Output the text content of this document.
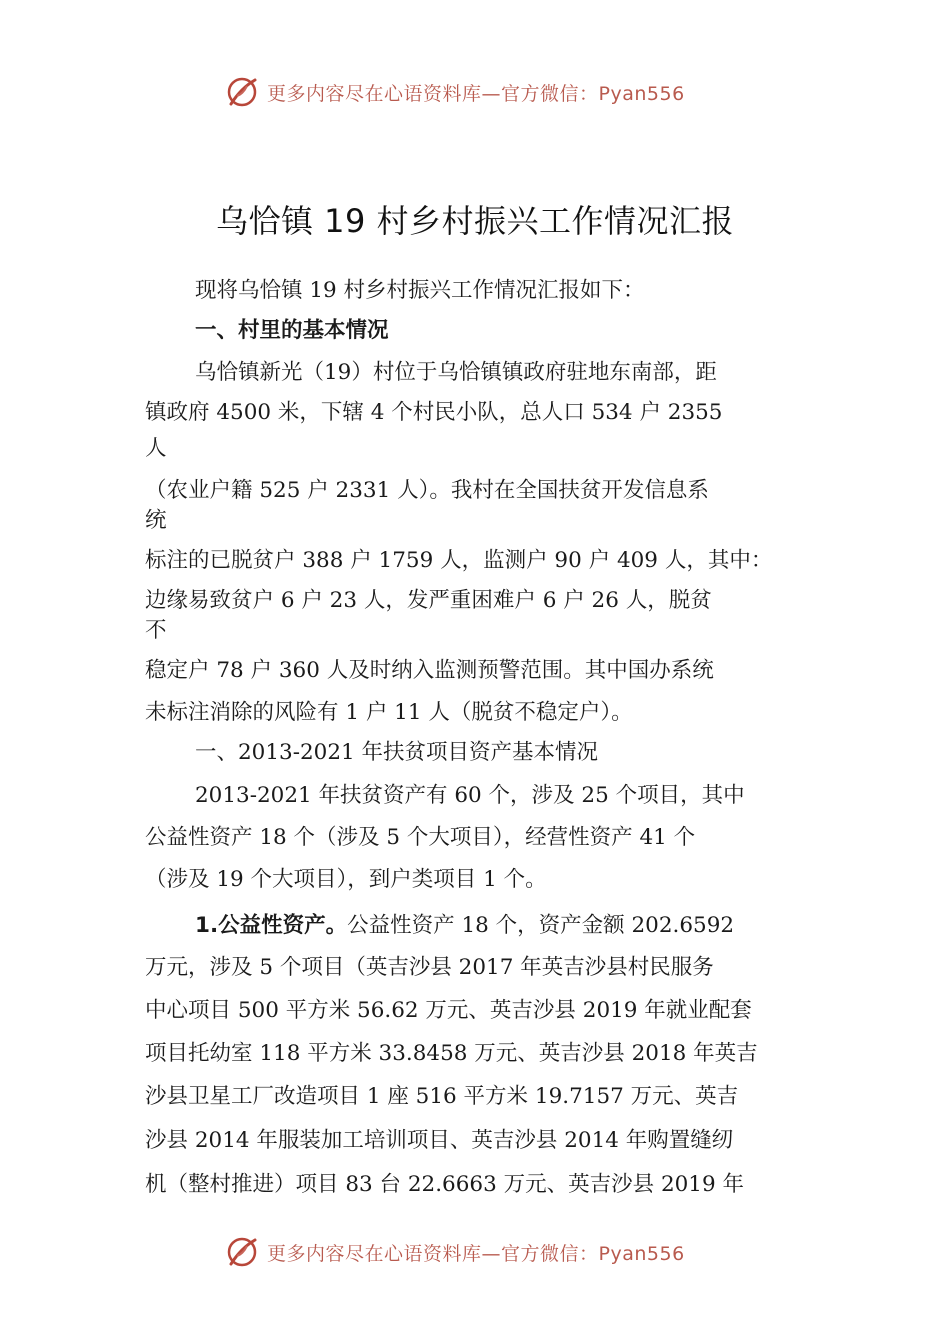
更多内容尽在心语资料库—官方微信：Pyan556
乌恰镇 19 村乡村振兴工作情况汇报
现将乌恰镇 19 村乡村振兴工作情况汇报如下：
一、村里的基本情况
乌恰镇新光（19）村位于乌恰镇镇政府驻地东南部，距
镇政府 4500 米，下辖 4 个村民小队，总人口 534 户 2355
人
（农业户籍 525 户 2331 人）。我村在全国扶贫开发信息系
统
标注的已脱贫户 388 户 1759 人，监测户 90 户 409 人，其中：
边缘易致贫户 6 户 23 人，发严重困难户 6 户 26 人，脱贫
不
稳定户 78 户 360 人及时纳入监测预警范围。其中国办系统
未标注消除的风险有 1 户 11 人（脱贫不稳定户）。
一、2013-2021 年扶贫项目资产基本情况
2013-2021 年扶贫资产有 60 个，涉及 25 个项目，其中
公益性资产 18 个（涉及 5 个大项目），经营性资产 41 个
（涉及 19 个大项目），到户类项目 1 个。
1.公益性资产。公益性资产 18 个，资产金额 202.6592
万元，涉及 5 个项目（英吉沙县 2017 年英吉沙县村民服务
中心项目 500 平方米 56.62 万元、英吉沙县 2019 年就业配套
项目托幼室 118 平方米 33.8458 万元、英吉沙县 2018 年英吉
沙县卫星工厂改造项目 1 座 516 平方米 19.7157 万元、英吉
沙县 2014 年服装加工培训项目、英吉沙县 2014 年购置缝纫
机（整村推进）项目 83 台 22.6663 万元、英吉沙县 2019 年
更多内容尽在心语资料库—官方微信：Pyan556
